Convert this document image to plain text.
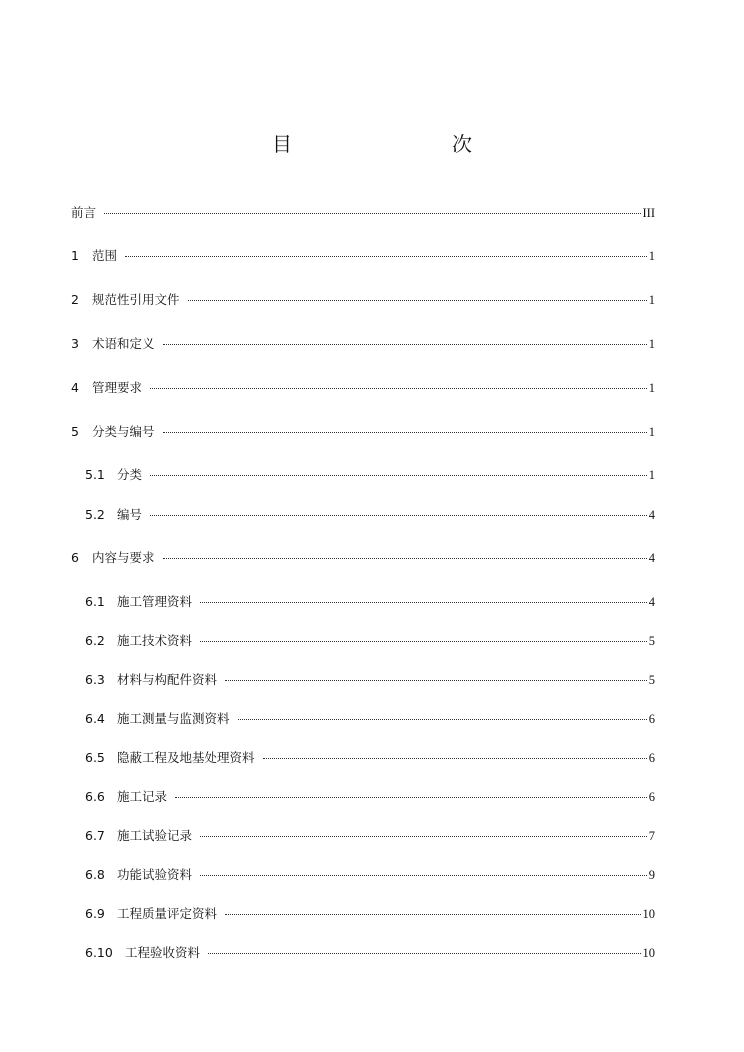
目　　次
前言	III
1	范围	1
2	规范性引用文件	1
3	术语和定义	1
4	管理要求	1
5	分类与编号	1
5.1 分类	1
5.2 编号	4
6	内容与要求	4
6.1 施工管理资料	4
6.2 施工技术资料	5
6.3 材料与构配件资料	5
6.4 施工测量与监测资料	6
6.5 隐蔽工程及地基处理资料	6
6.6 施工记录	6
6.7 施工试验记录	7
6.8 功能试验资料	9
6.9 工程质量评定资料	10
6.10 工程验收资料	10
